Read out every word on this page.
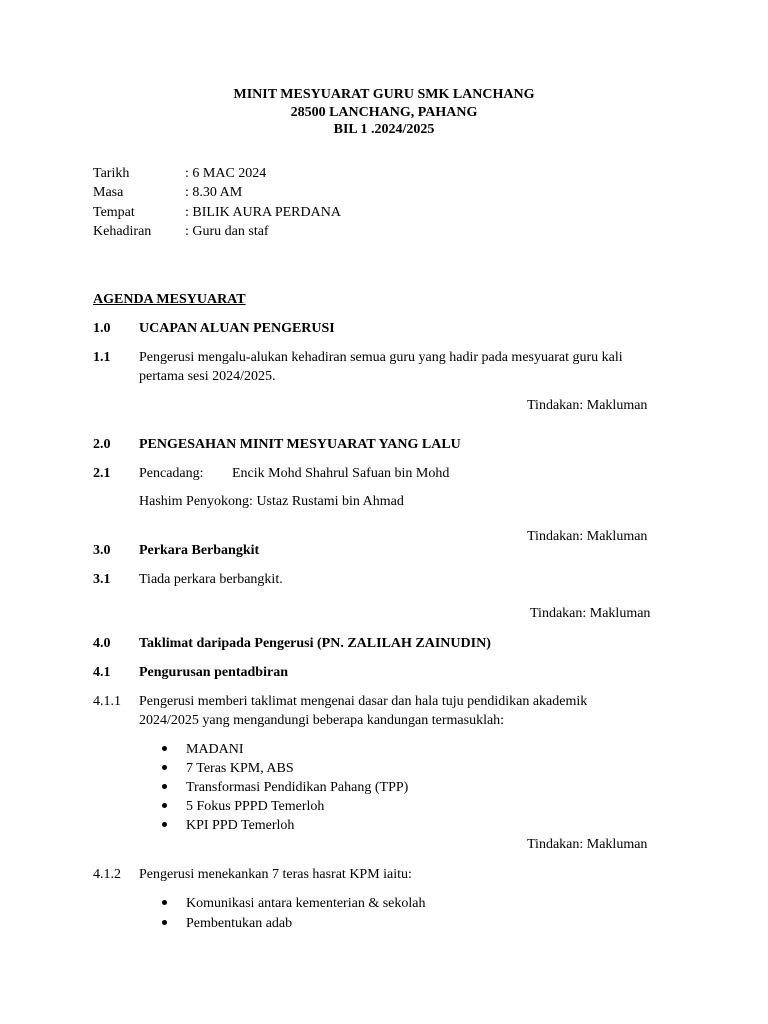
MINIT MESYUARAT GURU SMK LANCHANG
28500 LANCHANG, PAHANG
BIL 1 .2024/2025
Tarikh	: 6 MAC 2024
Masa	: 8.30 AM
Tempat	: BILIK AURA PERDANA
Kehadiran : Guru dan staf
AGENDA MESYUARAT
1.0 UCAPAN ALUAN PENGERUSI
1.1 Pengerusi mengalu-alukan kehadiran semua guru yang hadir pada mesyuarat guru kali
pertama sesi 2024/2025.
Tindakan: Makluman
2.0 PENGESAHAN MINIT MESYUARAT YANG LALU
2.1 Pencadang: Encik Mohd Shahrul Safuan bin Mohd
Hashim Penyokong: Ustaz Rustami bin Ahmad
Tindakan: Makluman
3.0 Perkara Berbangkit
3.1 Tiada perkara berbangkit.
Tindakan: Makluman
4.0 Taklimat daripada Pengerusi (PN. ZALILAH ZAINUDIN)
4.1 Pengurusan pentadbiran
4.1.1 Pengerusi memberi taklimat mengenai dasar dan hala tuju pendidikan akademik
2024/2025 yang mengandungi beberapa kandungan termasuklah:
MADANI
7 Teras KPM, ABS
Transformasi Pendidikan Pahang (TPP)
5 Fokus PPPD Temerloh
KPI PPD Temerloh
Tindakan: Makluman
4.1.2 Pengerusi menekankan 7 teras hasrat KPM iaitu:
Komunikasi antara kementerian & sekolah
Pembentukan adab
